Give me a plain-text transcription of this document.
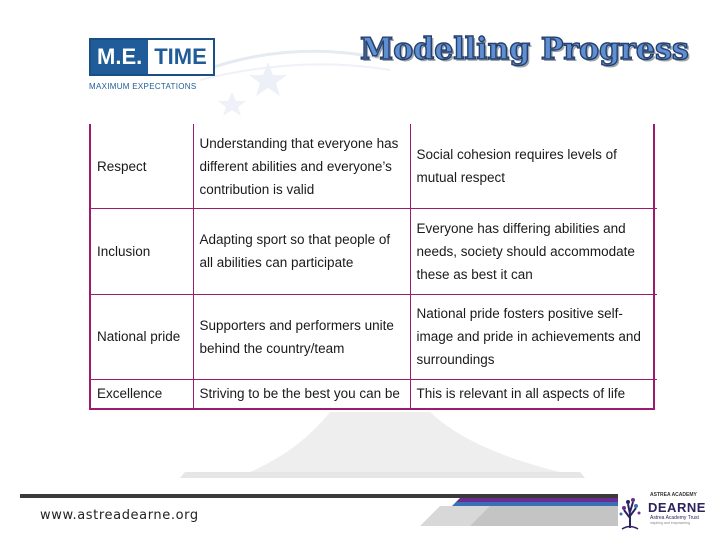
M.E. TIME
MAXIMUM EXPECTATIONS
Modelling Progress
Respect	Understanding that everyone has different abilities and everyone’s contribution is valid	Social cohesion requires levels of mutual respect
Inclusion	Adapting sport so that people of all abilities can participate	Everyone has differing abilities and needs, society should accommodate these as best it can
National pride	Supporters and performers unite behind the country/team	National pride fosters positive self-image and pride in achievements and surroundings
Excellence	Striving to be the best you can be	This is relevant in all aspects of life
www.astreadearne.org
ASTREA ACADEMY
DEARNE
Astrea Academy Trust
inspiring and empowering
